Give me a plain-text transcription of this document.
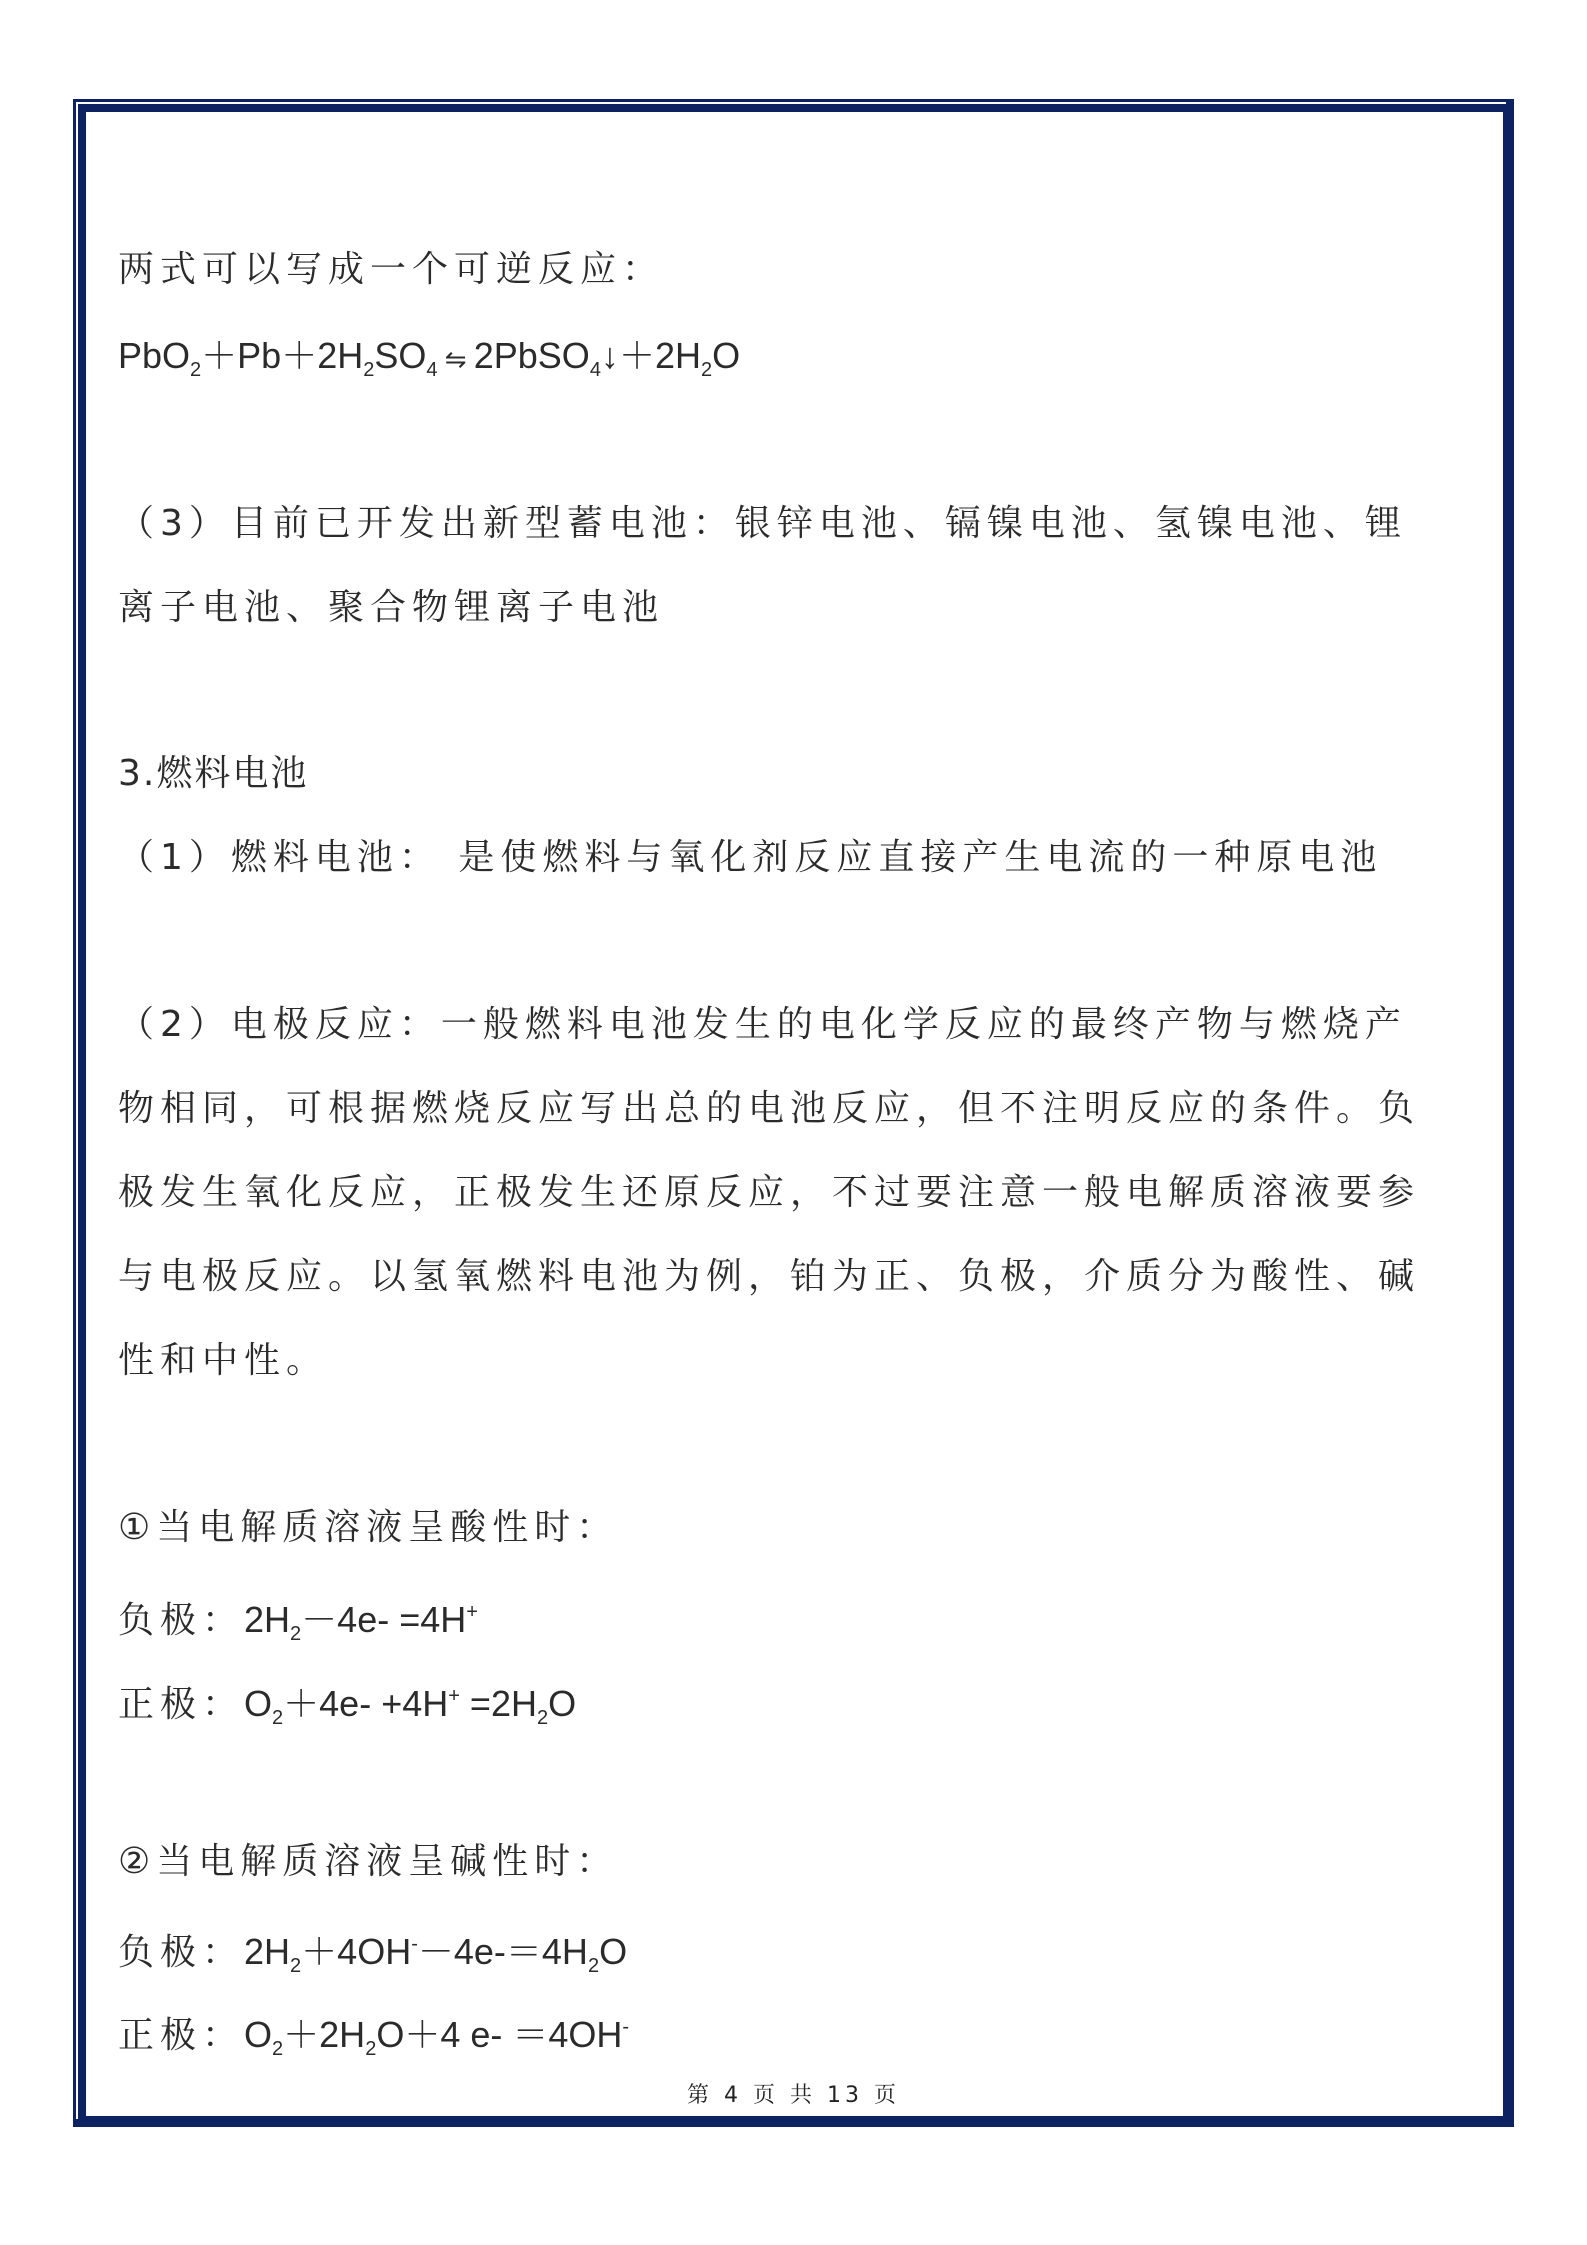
两式可以写成一个可逆反应：
$PbO_2+Pb+2H_2SO_4$ ⇋ $2PbSO_4↓+2H_2O$
（3）目前已开发出新型蓄电池：银锌电池、镉镍电池、氢镍电池、锂
离子电池、聚合物锂离子电池
3.燃料电池
（1）燃料电池： 是使燃料与氧化剂反应直接产生电流的一种原电池
（2）电极反应：一般燃料电池发生的电化学反应的最终产物与燃烧产
物相同，可根据燃烧反应写出总的电池反应，但不注明反应的条件。负
极发生氧化反应，正极发生还原反应，不过要注意一般电解质溶液要参
与电极反应。以氢氧燃料电池为例，铂为正、负极，介质分为酸性、碱
性和中性。
①当电解质溶液呈酸性时：
负极：$2H_2-4e- =4H^+$
正极：$O_2+4e- +4H^+ =2H_2O$
②当电解质溶液呈碱性时：
负极：$2H_2+4OH^--4e-=4H_2O$
正极：$O_2+2H_2O+4$ e- ＝4OH-
第 4 页 共 13 页
